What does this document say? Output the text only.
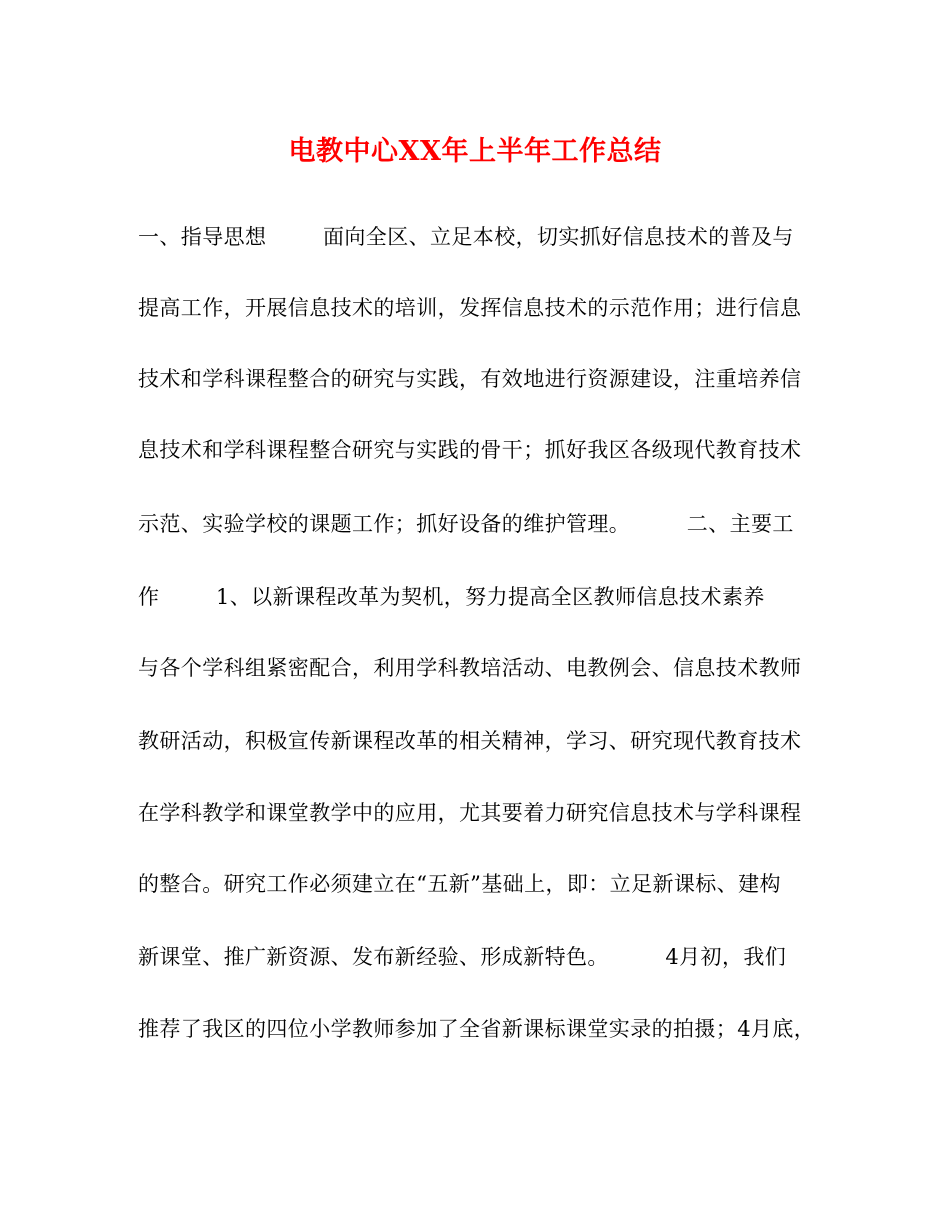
电教中心XX年上半年工作总结
一、指导思想        面向全区、立足本校，切实抓好信息技术的普及与
提高工作，开展信息技术的培训，发挥信息技术的示范作用；进行信息
技术和学科课程整合的研究与实践，有效地进行资源建设，注重培养信
息技术和学科课程整合研究与实践的骨干；抓好我区各级现代教育技术
示范、实验学校的课题工作；抓好设备的维护管理。        二、主要工
作        1、以新课程改革为契机，努力提高全区教师信息技术素养
与各个学科组紧密配合，利用学科教培活动、电教例会、信息技术教师
教研活动，积极宣传新课程改革的相关精神，学习、研究现代教育技术
在学科教学和课堂教学中的应用，尤其要着力研究信息技术与学科课程
的整合。研究工作必须建立在“五新”基础上，即：立足新课标、建构
新课堂、推广新资源、发布新经验、形成新特色。        4月初，我们
推荐了我区的四位小学教师参加了全省新课标课堂实录的拍摄；4月底，
